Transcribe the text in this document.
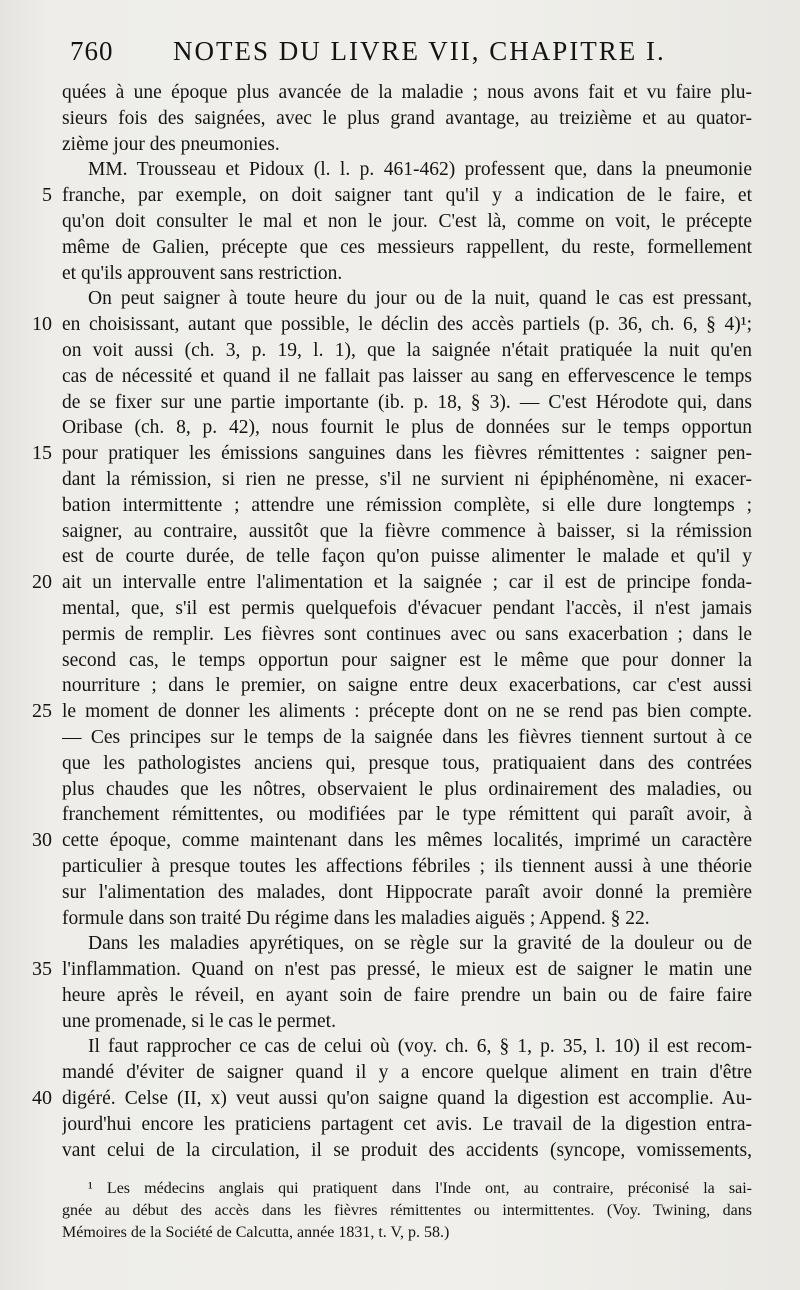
760 NOTES DU LIVRE VII, CHAPITRE I.
5
10
15
20
25
30
35
40
quées à une époque plus avancée de la maladie ; nous avons fait et vu faire plu-
sieurs fois des saignées, avec le plus grand avantage, au treizième et au quator-
zième jour des pneumonies.
MM. Trousseau et Pidoux (l. l. p. 461-462) professent que, dans la pneumonie
franche, par exemple, on doit saigner tant qu'il y a indication de le faire, et
qu'on doit consulter le mal et non le jour. C'est là, comme on voit, le précepte
même de Galien, précepte que ces messieurs rappellent, du reste, formellement
et qu'ils approuvent sans restriction.
On peut saigner à toute heure du jour ou de la nuit, quand le cas est pressant,
en choisissant, autant que possible, le déclin des accès partiels (p. 36, ch. 6, § 4)¹;
on voit aussi (ch. 3, p. 19, l. 1), que la saignée n'était pratiquée la nuit qu'en
cas de nécessité et quand il ne fallait pas laisser au sang en effervescence le temps
de se fixer sur une partie importante (ib. p. 18, § 3). — C'est Hérodote qui, dans
Oribase (ch. 8, p. 42), nous fournit le plus de données sur le temps opportun
pour pratiquer les émissions sanguines dans les fièvres rémittentes : saigner pen-
dant la rémission, si rien ne presse, s'il ne survient ni épiphénomène, ni exacer-
bation intermittente ; attendre une rémission complète, si elle dure longtemps ;
saigner, au contraire, aussitôt que la fièvre commence à baisser, si la rémission
est de courte durée, de telle façon qu'on puisse alimenter le malade et qu'il y
ait un intervalle entre l'alimentation et la saignée ; car il est de principe fonda-
mental, que, s'il est permis quelquefois d'évacuer pendant l'accès, il n'est jamais
permis de remplir. Les fièvres sont continues avec ou sans exacerbation ; dans le
second cas, le temps opportun pour saigner est le même que pour donner la
nourriture ; dans le premier, on saigne entre deux exacerbations, car c'est aussi
le moment de donner les aliments : précepte dont on ne se rend pas bien compte.
— Ces principes sur le temps de la saignée dans les fièvres tiennent surtout à ce
que les pathologistes anciens qui, presque tous, pratiquaient dans des contrées
plus chaudes que les nôtres, observaient le plus ordinairement des maladies, ou
franchement rémittentes, ou modifiées par le type rémittent qui paraît avoir, à
cette époque, comme maintenant dans les mêmes localités, imprimé un caractère
particulier à presque toutes les affections fébriles ; ils tiennent aussi à une théorie
sur l'alimentation des malades, dont Hippocrate paraît avoir donné la première
formule dans son traité Du régime dans les maladies aiguës ; Append. § 22.
Dans les maladies apyrétiques, on se règle sur la gravité de la douleur ou de
l'inflammation. Quand on n'est pas pressé, le mieux est de saigner le matin une
heure après le réveil, en ayant soin de faire prendre un bain ou de faire faire
une promenade, si le cas le permet.
Il faut rapprocher ce cas de celui où (voy. ch. 6, § 1, p. 35, l. 10) il est recom-
mandé d'éviter de saigner quand il y a encore quelque aliment en train d'être
digéré. Celse (II, x) veut aussi qu'on saigne quand la digestion est accomplie. Au-
jourd'hui encore les praticiens partagent cet avis. Le travail de la digestion entra-
vant celui de la circulation, il se produit des accidents (syncope, vomissements,
¹ Les médecins anglais qui pratiquent dans l'Inde ont, au contraire, préconisé la sai-
gnée au début des accès dans les fièvres rémittentes ou intermittentes. (Voy. Twining, dans
Mémoires de la Société de Calcutta, année 1831, t. V, p. 58.)
